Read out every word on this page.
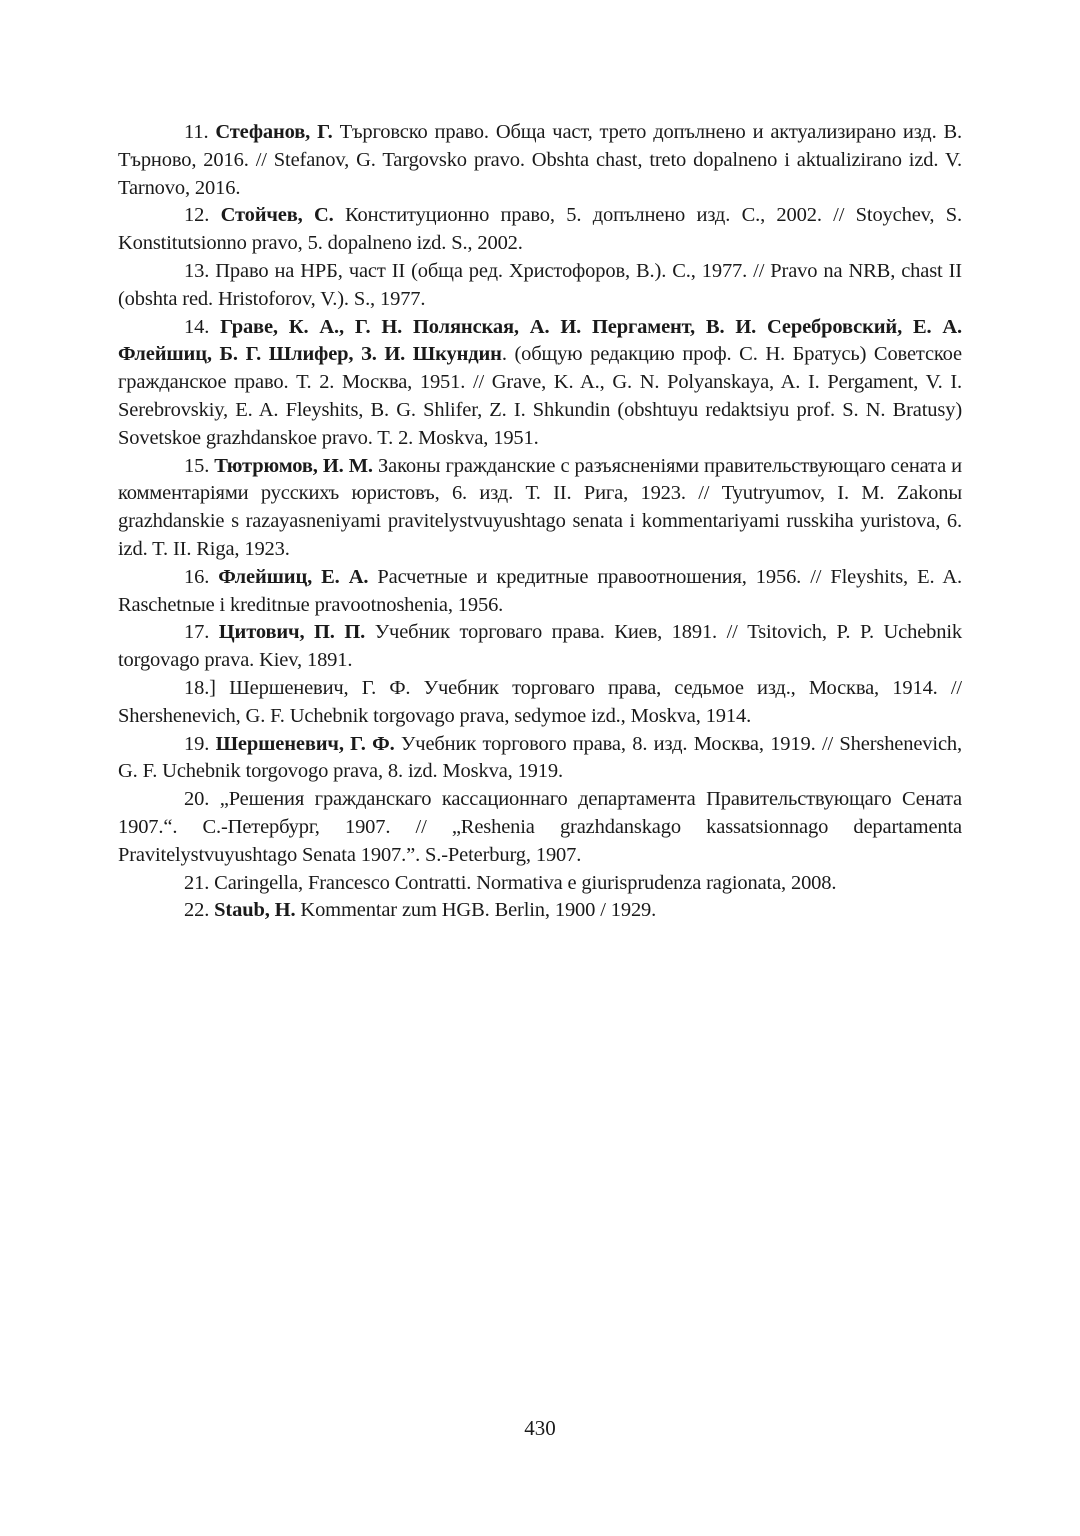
11. Стефанов, Г. Търговско право. Обща част, трето допълнено и актуализирано изд. В. Търново, 2016. // Stefanov, G. Targovsko pravo. Obshta chast, treto dopalneno i aktualizirano izd. V. Tarnovo, 2016.

12. Стойчев, С. Конституционно право, 5. допълнено изд. С., 2002. // Stoychev, S. Konstitutsionno pravo, 5. dopalneno izd. S., 2002.

13. Право на НРБ, част II (обща ред. Христофоров, В.). С., 1977. // Pravo na NRB, chast II (obshta red. Hristoforov, V.). S., 1977.

14. Граве, К. А., Г. Н. Полянская, А. И. Пергамент, В. И. Серебровский, Е. А. Флейшиц, Б. Г. Шлифер, З. И. Шкундин. (общую редакцию проф. С. Н. Братусь) Советское гражданское право. Т. 2. Москва, 1951. // Grave, K. A., G. N. Polyanskaya, A. I. Pergament, V. I. Serebrovskiy, E. A. Fleyshits, B. G. Shlifer, Z. I. Shkundin (obshtuyu redaktsiyu prof. S. N. Bratusy) Sovetskoe grazhdanskoe pravo. T. 2. Moskva, 1951.

15. Тютрюмов, И. М. Законы гражданские с разъясненіями правительствующаго сената и комментаріями русскихъ юристовъ, 6. изд. Т. II. Рига, 1923. // Tyutryumov, I. M. Zakonы grazhdanskie s razayasneniyami pravitelystvuyushtago senata i kommentariyami russkiha yuristova, 6. izd. T. II. Riga, 1923.

16. Флейшиц, Е. А. Расчетные и кредитные правоотношения, 1956. // Fleyshits, E. A. Raschetnыe i kreditnыe pravootnoshenia, 1956.

17. Цитович, П. П. Учебник торговаго права. Киев, 1891. // Tsitovich, P. P. Uchebnik torgovago prava. Kiev, 1891.

18.] Шершеневич, Г. Ф. Учебник торговаго права, седьмое изд., Москва, 1914. // Shershenevich, G. F. Uchebnik torgovago prava, sedymoe izd., Moskva, 1914.

19. Шершеневич, Г. Ф. Учебник торгового права, 8. изд. Москва, 1919. // Shershenevich, G. F. Uchebnik torgovogo prava, 8. izd. Moskva, 1919.

20. „Решения гражданскаго кассационнаго департамента Правительствующаго Сената 1907.“. С.-Петербург, 1907. // „Reshenia grazhdanskago kassatsionnago departamenta Pravitelystvuyushtago Senata 1907.”. S.-Peterburg, 1907.

21. Caringella, Francesco Contratti. Normativa e giurisprudenza ragionata, 2008.

22. Staub, H. Kommentar zum HGB. Berlin, 1900 / 1929.

430
